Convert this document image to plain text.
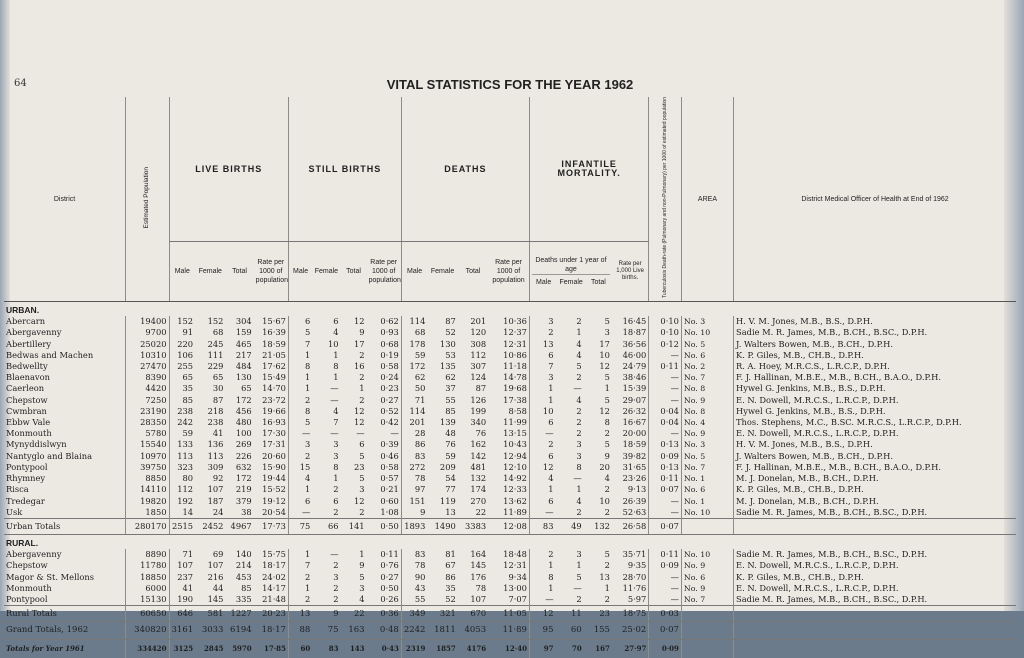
64	VITAL STATISTICS FOR THE YEAR 1962
District	Estimated Population	LIVE BIRTHS				STILL BIRTHS				DEATHS				INFANTILE MORTALITY.				Tuberculosis Death-rate (Pulmonary and non-Pulmonary) per 1000 of estimated population	AREA	District Medical Officer of Health at End of 1962
		Male	Female	Total	Rate per 1000 of population	Male	Female	Total	Rate per 1000 of population	Male	Female	Total	Rate per 1000 of population	Deaths under 1 year of age
Male Female Total			Rate per 1,000 Live births.			
URBAN.																				
Abercarn	19400	152	152	304	15·67	6	6	12	0·62	114	87	201	10·36	3	2	5	16·45	0·10	No. 3	H. V. M. Jones, M.B., B.S., D.P.H.
Abergavenny	9700	91	68	159	16·39	5	4	9	0·93	68	52	120	12·37	2	1	3	18·87	0·10	No. 10	Sadie M. R. James, M.B., B.CH., B.SC., D.P.H.
Abertillery	25020	220	245	465	18·59	7	10	17	0·68	178	130	308	12·31	13	4	17	36·56	0·12	No. 5	J. Walters Bowen, M.B., B.CH., D.P.H.
Bedwas and Machen	10310	106	111	217	21·05	1	1	2	0·19	59	53	112	10·86	6	4	10	46·00	—	No. 6	K. P. Giles, M.B., CH.B., D.P.H.
Bedwellty	27470	255	229	484	17·62	8	8	16	0·58	172	135	307	11·18	7	5	12	24·79	0·11	No. 2	R. A. Hoey, M.R.C.S., L.R.C.P., D.P.H.
Blaenavon	8390	65	65	130	15·49	1	1	2	0·24	62	62	124	14·78	3	2	5	38·46	—	No. 7	F. J. Hallinan, M.B.E., M.B., B.CH., B.A.O., D.P.H.
Caerleon	4420	35	30	65	14·70	1	—	1	0·23	50	37	87	19·68	1	—	1	15·39	—	No. 8	Hywel G. Jenkins, M.B., B.S., D.P.H.
Chepstow	7250	85	87	172	23·72	2	—	2	0·27	71	55	126	17·38	1	4	5	29·07	—	No. 9	E. N. Dowell, M.R.C.S., L.R.C.P., D.P.H.
Cwmbran	23190	238	218	456	19·66	8	4	12	0·52	114	85	199	8·58	10	2	12	26·32	0·04	No. 8	Hywel G. Jenkins, M.B., B.S., D.P.H.
Ebbw Vale	28350	242	238	480	16·93	5	7	12	0·42	201	139	340	11·99	6	2	8	16·67	0·04	No. 4	Thos. Stephens, M.C., B.SC. M.R.C.S., L.R.C.P., D.P.H.
Monmouth	5780	59	41	100	17·30	—	—	—	—	28	48	76	13·15	—	2	2	20·00	—	No. 9	E. N. Dowell, M.R.C.S., L.R.C.P., D.P.H.
Mynyddislwyn	15540	133	136	269	17·31	3	3	6	0·39	86	76	162	10·43	2	3	5	18·59	0·13	No. 3	H. V. M. Jones, M.B., B.S., D.P.H.
Nantyglo and Blaina	10970	113	113	226	20·60	2	3	5	0·46	83	59	142	12·94	6	3	9	39·82	0·09	No. 5	J. Walters Bowen, M.B., B.CH., D.P.H.
Pontypool	39750	323	309	632	15·90	15	8	23	0·58	272	209	481	12·10	12	8	20	31·65	0·13	No. 7	F. J. Hallinan, M.B.E., M.B., B.CH., B.A.O., D.P.H.
Rhymney	8850	80	92	172	19·44	4	1	5	0·57	78	54	132	14·92	4	—	4	23·26	0·11	No. 1	M. J. Donelan, M.B., B.CH., D.P.H.
Risca	14110	112	107	219	15·52	1	2	3	0·21	97	77	174	12·33	1	1	2	9·13	0·07	No. 6	K. P. Giles, M.B., CH.B., D.P.H.
Tredegar	19820	192	187	379	19·12	6	6	12	0·60	151	119	270	13·62	6	4	10	26·39	—	No. 1	M. J. Donelan, M.B., B.CH., D.P.H.
Usk	1850	14	24	38	20·54	—	2	2	1·08	9	13	22	11·89	—	2	2	52·63	—	No. 10	Sadie M. R. James, M.B., B.CH., B.SC., D.P.H.
Urban Totals	280170	2515	2452	4967	17·73	75	66	141	0·50	1893	1490	3383	12·08	83	49	132	26·58	0·07		
RURAL.																				
Abergavenny	8890	71	69	140	15·75	1	—	1	0·11	83	81	164	18·48	2	3	5	35·71	0·11	No. 10	Sadie M. R. James, M.B., B.CH., B.SC., D.P.H.
Chepstow	11780	107	107	214	18·17	7	2	9	0·76	78	67	145	12·31	1	1	2	9·35	0·09	No. 9	E. N. Dowell, M.R.C.S., L.R.C.P., D.P.H.
Magor & St. Mellons	18850	237	216	453	24·02	2	3	5	0·27	90	86	176	9·34	8	5	13	28·70	—	No. 6	K. P. Giles, M.B., CH.B., D.P.H.
Monmouth	6000	41	44	85	14·17	1	2	3	0·50	43	35	78	13·00	1	—	1	11·76	—	No. 9	E. N. Dowell, M.R.C.S., L.R.C.P., D.P.H.
Pontypool	15130	190	145	335	21·48	2	2	4	0·26	55	52	107	7·07	—	2	2	5·97	—	No. 7	Sadie M. R. James, M.B., B.CH., B.SC., D.P.H.
Rural Totals	60650	646	581	1227	20·23	13	9	22	0·36	349	321	670	11·05	12	11	23	18·75	0·03		
Grand Totals, 1962	340820	3161	3033	6194	18·17	88	75	163	0·48	2242	1811	4053	11·89	95	60	155	25·02	0·07		
Totals for Year 1961	334420	3125	2845	5970	17·85	60	83	143	0·43	2319	1857	4176	12·40	97	70	167	27·97	0·09		
